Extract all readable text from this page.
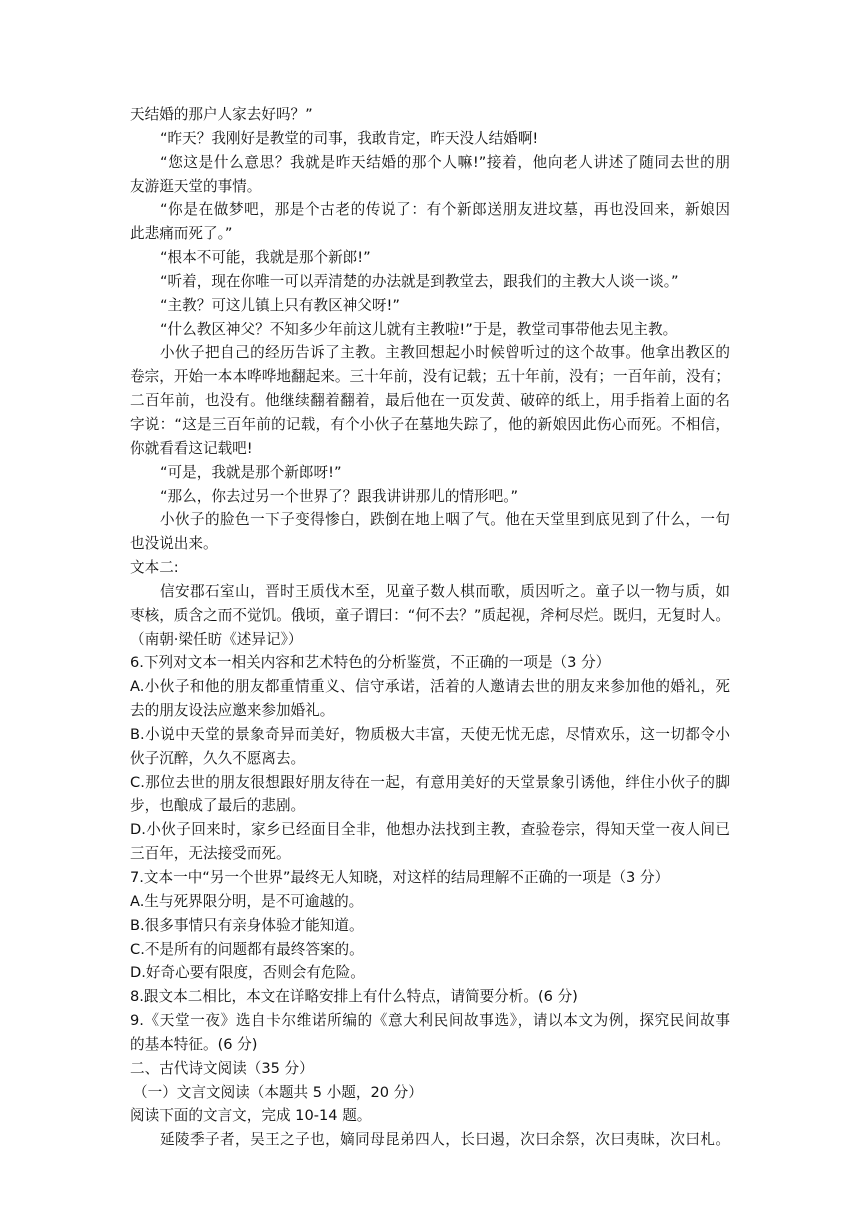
天结婚的那户人家去好吗？”
“昨天？我刚好是教堂的司事，我敢肯定，昨天没人结婚啊!
“您这是什么意思？我就是昨天结婚的那个人嘛!”接着，他向老人讲述了随同去世的朋
友游逛天堂的事情。
“你是在做梦吧，那是个古老的传说了：有个新郎送朋友进坟墓，再也没回来，新娘因
此悲痛而死了。”
“根本不可能，我就是那个新郎!”
“听着，现在你唯一可以弄清楚的办法就是到教堂去，跟我们的主教大人谈一谈。”
“主教？可这儿镇上只有教区神父呀!”
“什么教区神父？不知多少年前这儿就有主教啦!”于是，教堂司事带他去见主教。
小伙子把自己的经历告诉了主教。主教回想起小时候曾听过的这个故事。他拿出教区的
卷宗，开始一本本哗哗地翻起来。三十年前，没有记载；五十年前，没有；一百年前，没有；
二百年前，也没有。他继续翻着翻着，最后他在一页发黄、破碎的纸上，用手指着上面的名
字说：“这是三百年前的记载，有个小伙子在墓地失踪了，他的新娘因此伤心而死。不相信，
你就看看这记载吧!
“可是，我就是那个新郎呀!”
“那么，你去过另一个世界了？跟我讲讲那儿的情形吧。”
小伙子的脸色一下子变得惨白，跌倒在地上咽了气。他在天堂里到底见到了什么，一句
也没说出来。
文本二:
信安郡石室山，晋时王质伐木至，见童子数人棋而歌，质因听之。童子以一物与质，如
枣核，质含之而不觉饥。俄顷，童子谓曰：“何不去？”质起视，斧柯尽烂。既归，无复时人。
（南朝·梁任昉《述异记》）
6.下列对文本一相关内容和艺术特色的分析鉴赏，不正确的一项是（3 分）
A.小伙子和他的朋友都重情重义、信守承诺，活着的人邀请去世的朋友来参加他的婚礼，死
去的朋友设法应邀来参加婚礼。
B.小说中天堂的景象奇异而美好，物质极大丰富，天使无忧无虑，尽情欢乐，这一切都令小
伙子沉醉，久久不愿离去。
C.那位去世的朋友很想跟好朋友待在一起，有意用美好的天堂景象引诱他，绊住小伙子的脚
步，也酿成了最后的悲剧。
D.小伙子回来时，家乡已经面目全非，他想办法找到主教，查验卷宗，得知天堂一夜人间已
三百年，无法接受而死。
7.文本一中“另一个世界”最终无人知晓，对这样的结局理解不正确的一项是（3 分）
A.生与死界限分明，是不可逾越的。
B.很多事情只有亲身体验才能知道。
C.不是所有的问题都有最终答案的。
D.好奇心要有限度，否则会有危险。
8.跟文本二相比，本文在详略安排上有什么特点，请简要分析。(6 分)
9.《天堂一夜》选自卡尔维诺所编的《意大利民间故事选》，请以本文为例，探究民间故事
的基本特征。(6 分)
二、古代诗文阅读（35 分）
（一）文言文阅读（本题共 5 小题，20 分）
阅读下面的文言文，完成 10-14 题。
延陵季子者，吴王之子也，嫡同母昆弟四人，长曰遏，次曰余祭，次曰夷昧，次曰札。
